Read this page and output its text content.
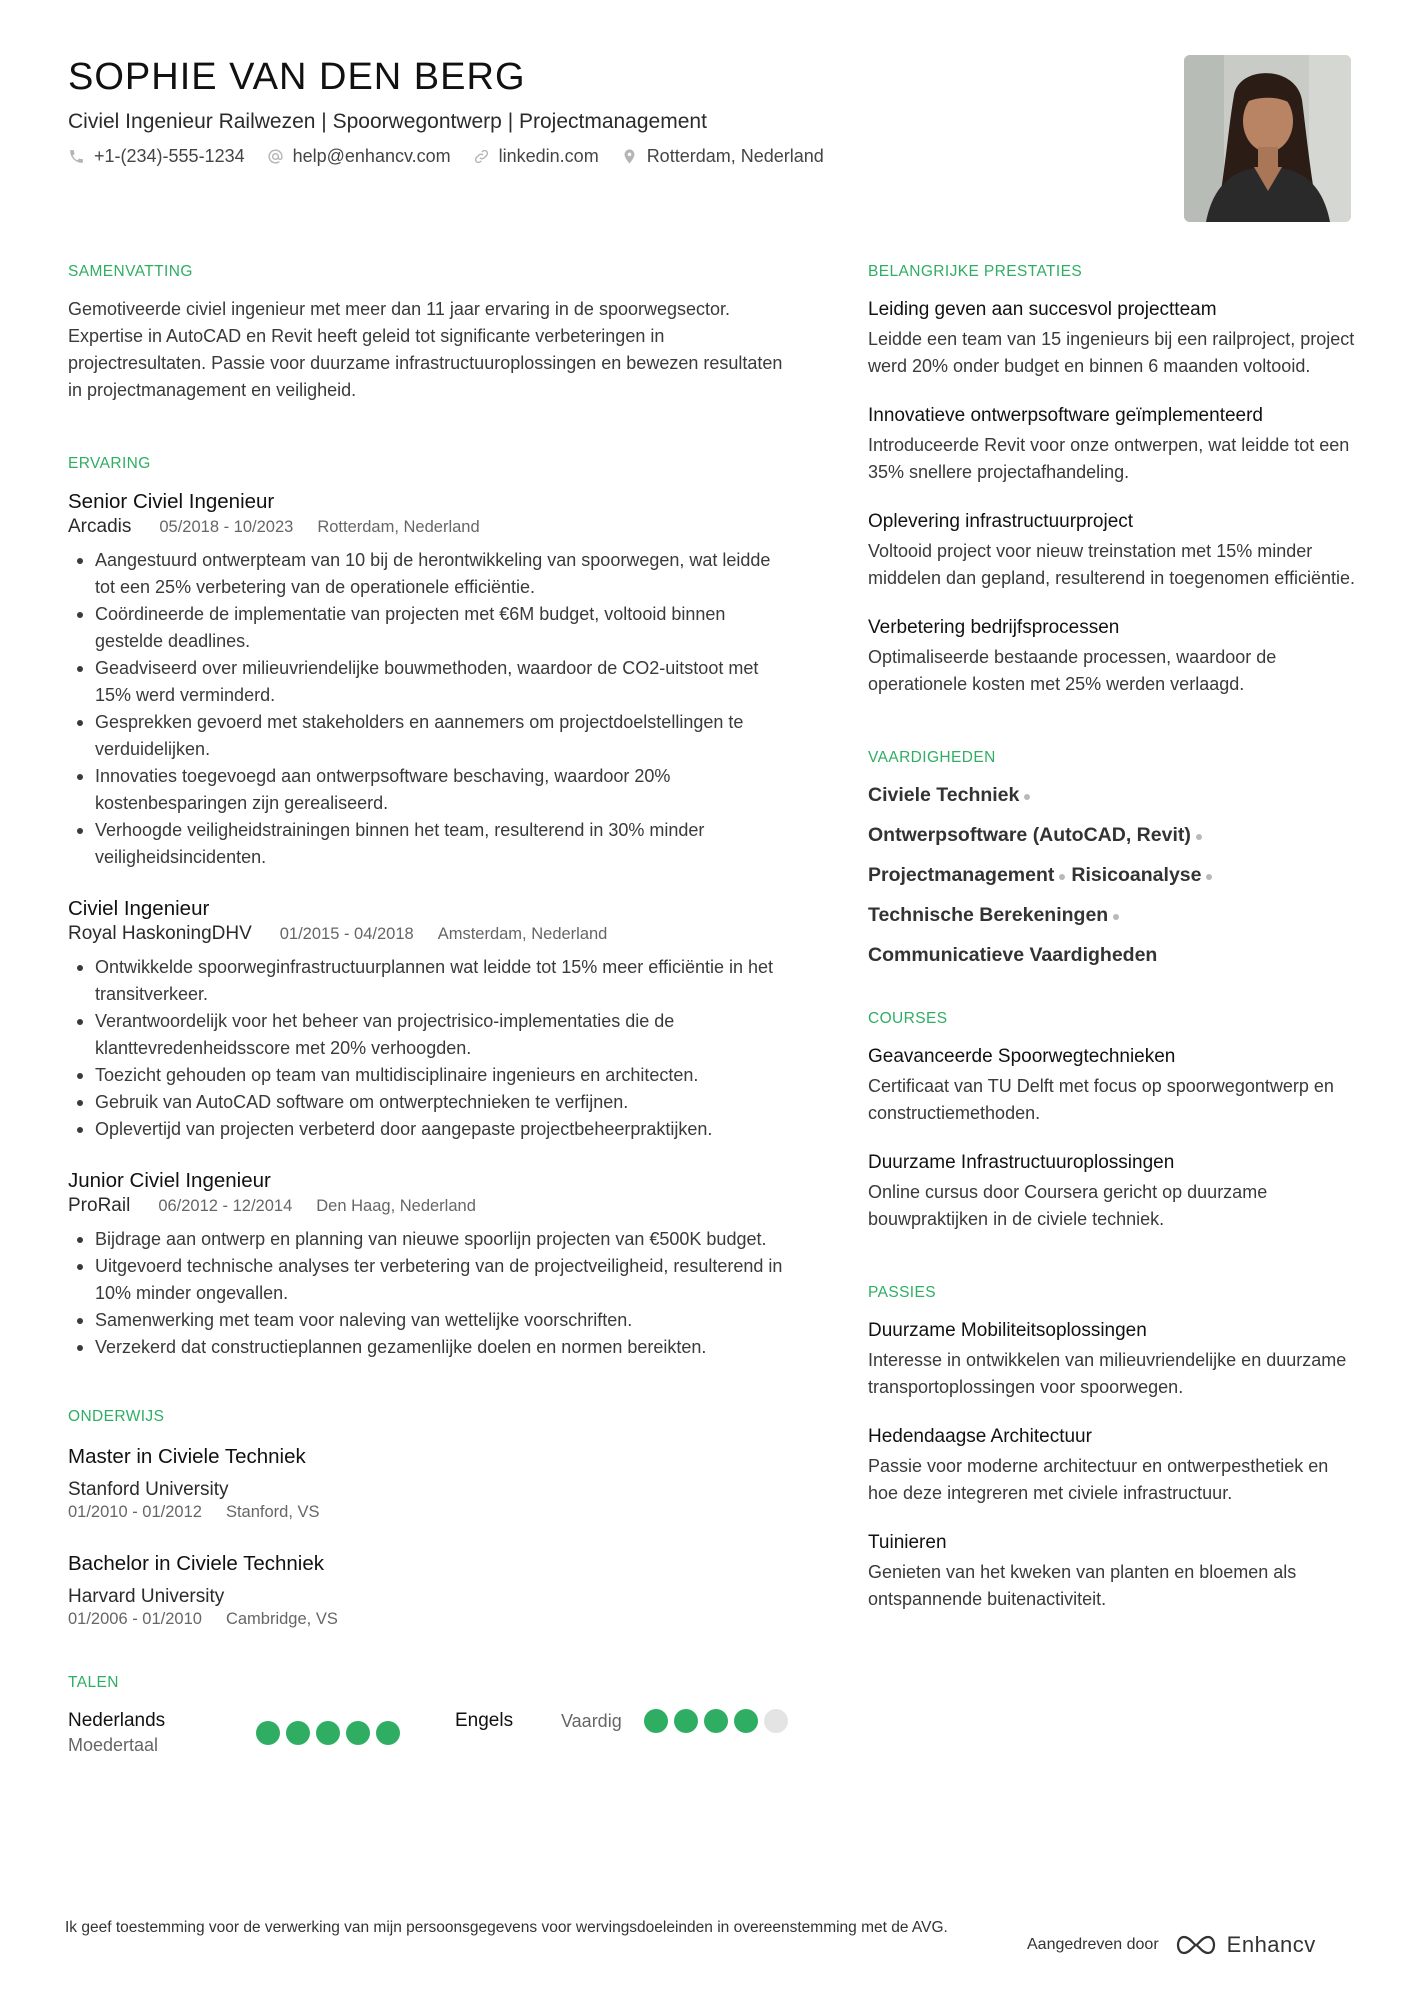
SOPHIE VAN DEN BERG
Civiel Ingenieur Railwezen | Spoorwegontwerp | Projectmanagement
+1-(234)-555-1234	help@enhancv.com	linkedin.com	Rotterdam, Nederland
SAMENVATTING
Gemotiveerde civiel ingenieur met meer dan 11 jaar ervaring in de spoorwegsector. Expertise in AutoCAD en Revit heeft geleid tot significante verbeteringen in projectresultaten. Passie voor duurzame infrastructuuroplossingen en bewezen resultaten in projectmanagement en veiligheid.
ERVARING
Senior Civiel Ingenieur
Arcadis 05/2018 - 10/2023 Rotterdam, Nederland
Aangestuurd ontwerpteam van 10 bij de herontwikkeling van spoorwegen, wat leidde tot een 25% verbetering van de operationele efficiëntie.
Coördineerde de implementatie van projecten met €6M budget, voltooid binnen gestelde deadlines.
Geadviseerd over milieuvriendelijke bouwmethoden, waardoor de CO2-uitstoot met 15% werd verminderd.
Gesprekken gevoerd met stakeholders en aannemers om projectdoelstellingen te verduidelijken.
Innovaties toegevoegd aan ontwerpsoftware beschaving, waardoor 20% kostenbesparingen zijn gerealiseerd.
Verhoogde veiligheidstrainingen binnen het team, resulterend in 30% minder veiligheidsincidenten.
Civiel Ingenieur
Royal HaskoningDHV 01/2015 - 04/2018 Amsterdam, Nederland
Ontwikkelde spoorweginfrastructuurplannen wat leidde tot 15% meer efficiëntie in het transitverkeer.
Verantwoordelijk voor het beheer van projectrisico-implementaties die de klanttevredenheidsscore met 20% verhoogden.
Toezicht gehouden op team van multidisciplinaire ingenieurs en architecten.
Gebruik van AutoCAD software om ontwerptechnieken te verfijnen.
Oplevertijd van projecten verbeterd door aangepaste projectbeheerpraktijken.
Junior Civiel Ingenieur
ProRail 06/2012 - 12/2014 Den Haag, Nederland
Bijdrage aan ontwerp en planning van nieuwe spoorlijn projecten van €500K budget.
Uitgevoerd technische analyses ter verbetering van de projectveiligheid, resulterend in 10% minder ongevallen.
Samenwerking met team voor naleving van wettelijke voorschriften.
Verzekerd dat constructieplannen gezamenlijke doelen en normen bereikten.
ONDERWIJS
Master in Civiele Techniek
Stanford University
01/2010 - 01/2012 Stanford, VS
Bachelor in Civiele Techniek
Harvard University
01/2006 - 01/2010 Cambridge, VS
TALEN
Nederlands
Moedertaal
Engels	Vaardig
BELANGRIJKE PRESTATIES
Leiding geven aan succesvol projectteam
Leidde een team van 15 ingenieurs bij een railproject, project werd 20% onder budget en binnen 6 maanden voltooid.
Innovatieve ontwerpsoftware geïmplementeerd
Introduceerde Revit voor onze ontwerpen, wat leidde tot een 35% snellere projectafhandeling.
Oplevering infrastructuurproject
Voltooid project voor nieuw treinstation met 15% minder middelen dan gepland, resulterend in toegenomen efficiëntie.
Verbetering bedrijfsprocessen
Optimaliseerde bestaande processen, waardoor de operationele kosten met 25% werden verlaagd.
VAARDIGHEDEN
Civiele Techniek
Ontwerpsoftware (AutoCAD, Revit)
Projectmanagement Risicoanalyse
Technische Berekeningen
Communicatieve Vaardigheden
COURSES
Geavanceerde Spoorwegtechnieken
Certificaat van TU Delft met focus op spoorwegontwerp en constructiemethoden.
Duurzame Infrastructuuroplossingen
Online cursus door Coursera gericht op duurzame bouwpraktijken in de civiele techniek.
PASSIES
Duurzame Mobiliteitsoplossingen
Interesse in ontwikkelen van milieuvriendelijke en duurzame transportoplossingen voor spoorwegen.
Hedendaagse Architectuur
Passie voor moderne architectuur en ontwerpesthetiek en hoe deze integreren met civiele infrastructuur.
Tuinieren
Genieten van het kweken van planten en bloemen als ontspannende buitenactiviteit.
Ik geef toestemming voor de verwerking van mijn persoonsgegevens voor wervingsdoeleinden in overeenstemming met de AVG.
Aangedreven door	Enhancv
